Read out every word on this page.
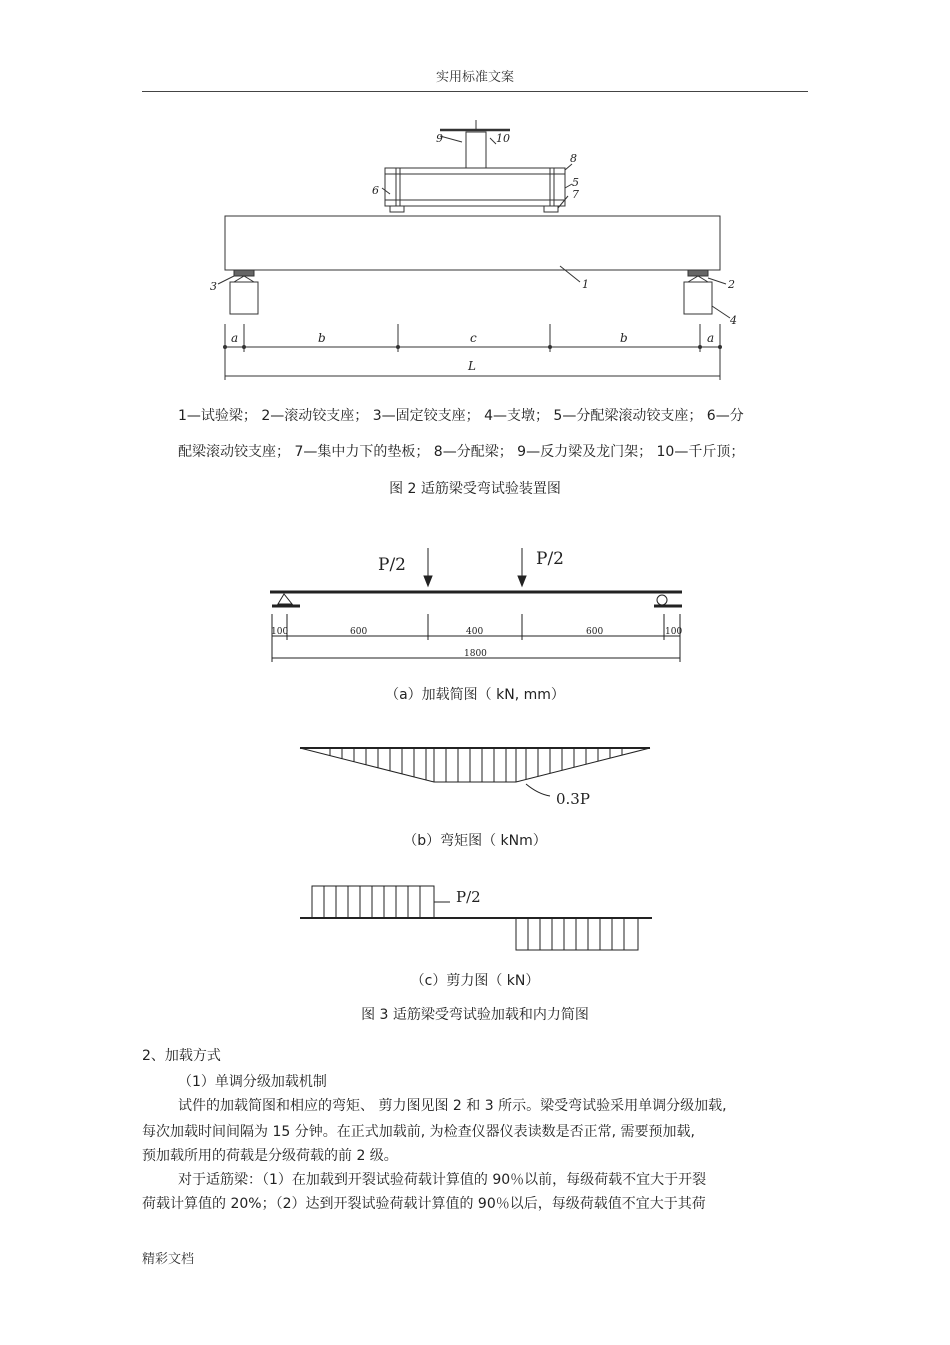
实用标准文案
9	10
8
5
7
6
1
3	2
4
a	b	c	b	a
L
1—试验梁； 2—滚动铰支座； 3—固定铰支座； 4—支墩； 5—分配梁滚动铰支座； 6—分
配梁滚动铰支座； 7—集中力下的垫板； 8—分配梁； 9—反力梁及龙门架； 10—千斤顶；
图 2 适筋梁受弯试验装置图
P/2	P/2
100	600	400	600	100
1800
（a）加载简图（ kN, mm）
0.3P
（b）弯矩图（ kNm）
P/2
（c）剪力图（ kN）
图 3 适筋梁受弯试验加载和内力简图
2、加载方式
（1）单调分级加载机制
试件的加载简图和相应的弯矩、 剪力图见图 2 和 3 所示。梁受弯试验采用单调分级加载,
每次加载时间间隔为 15 分钟。在正式加载前, 为检查仪器仪表读数是否正常, 需要预加载,
预加载所用的荷载是分级荷载的前 2 级。
对于适筋梁：（1）在加载到开裂试验荷载计算值的 90％以前，每级荷载不宜大于开裂
荷载计算值的 20%；（2）达到开裂试验荷载计算值的 90％以后，每级荷载值不宜大于其荷
精彩文档
